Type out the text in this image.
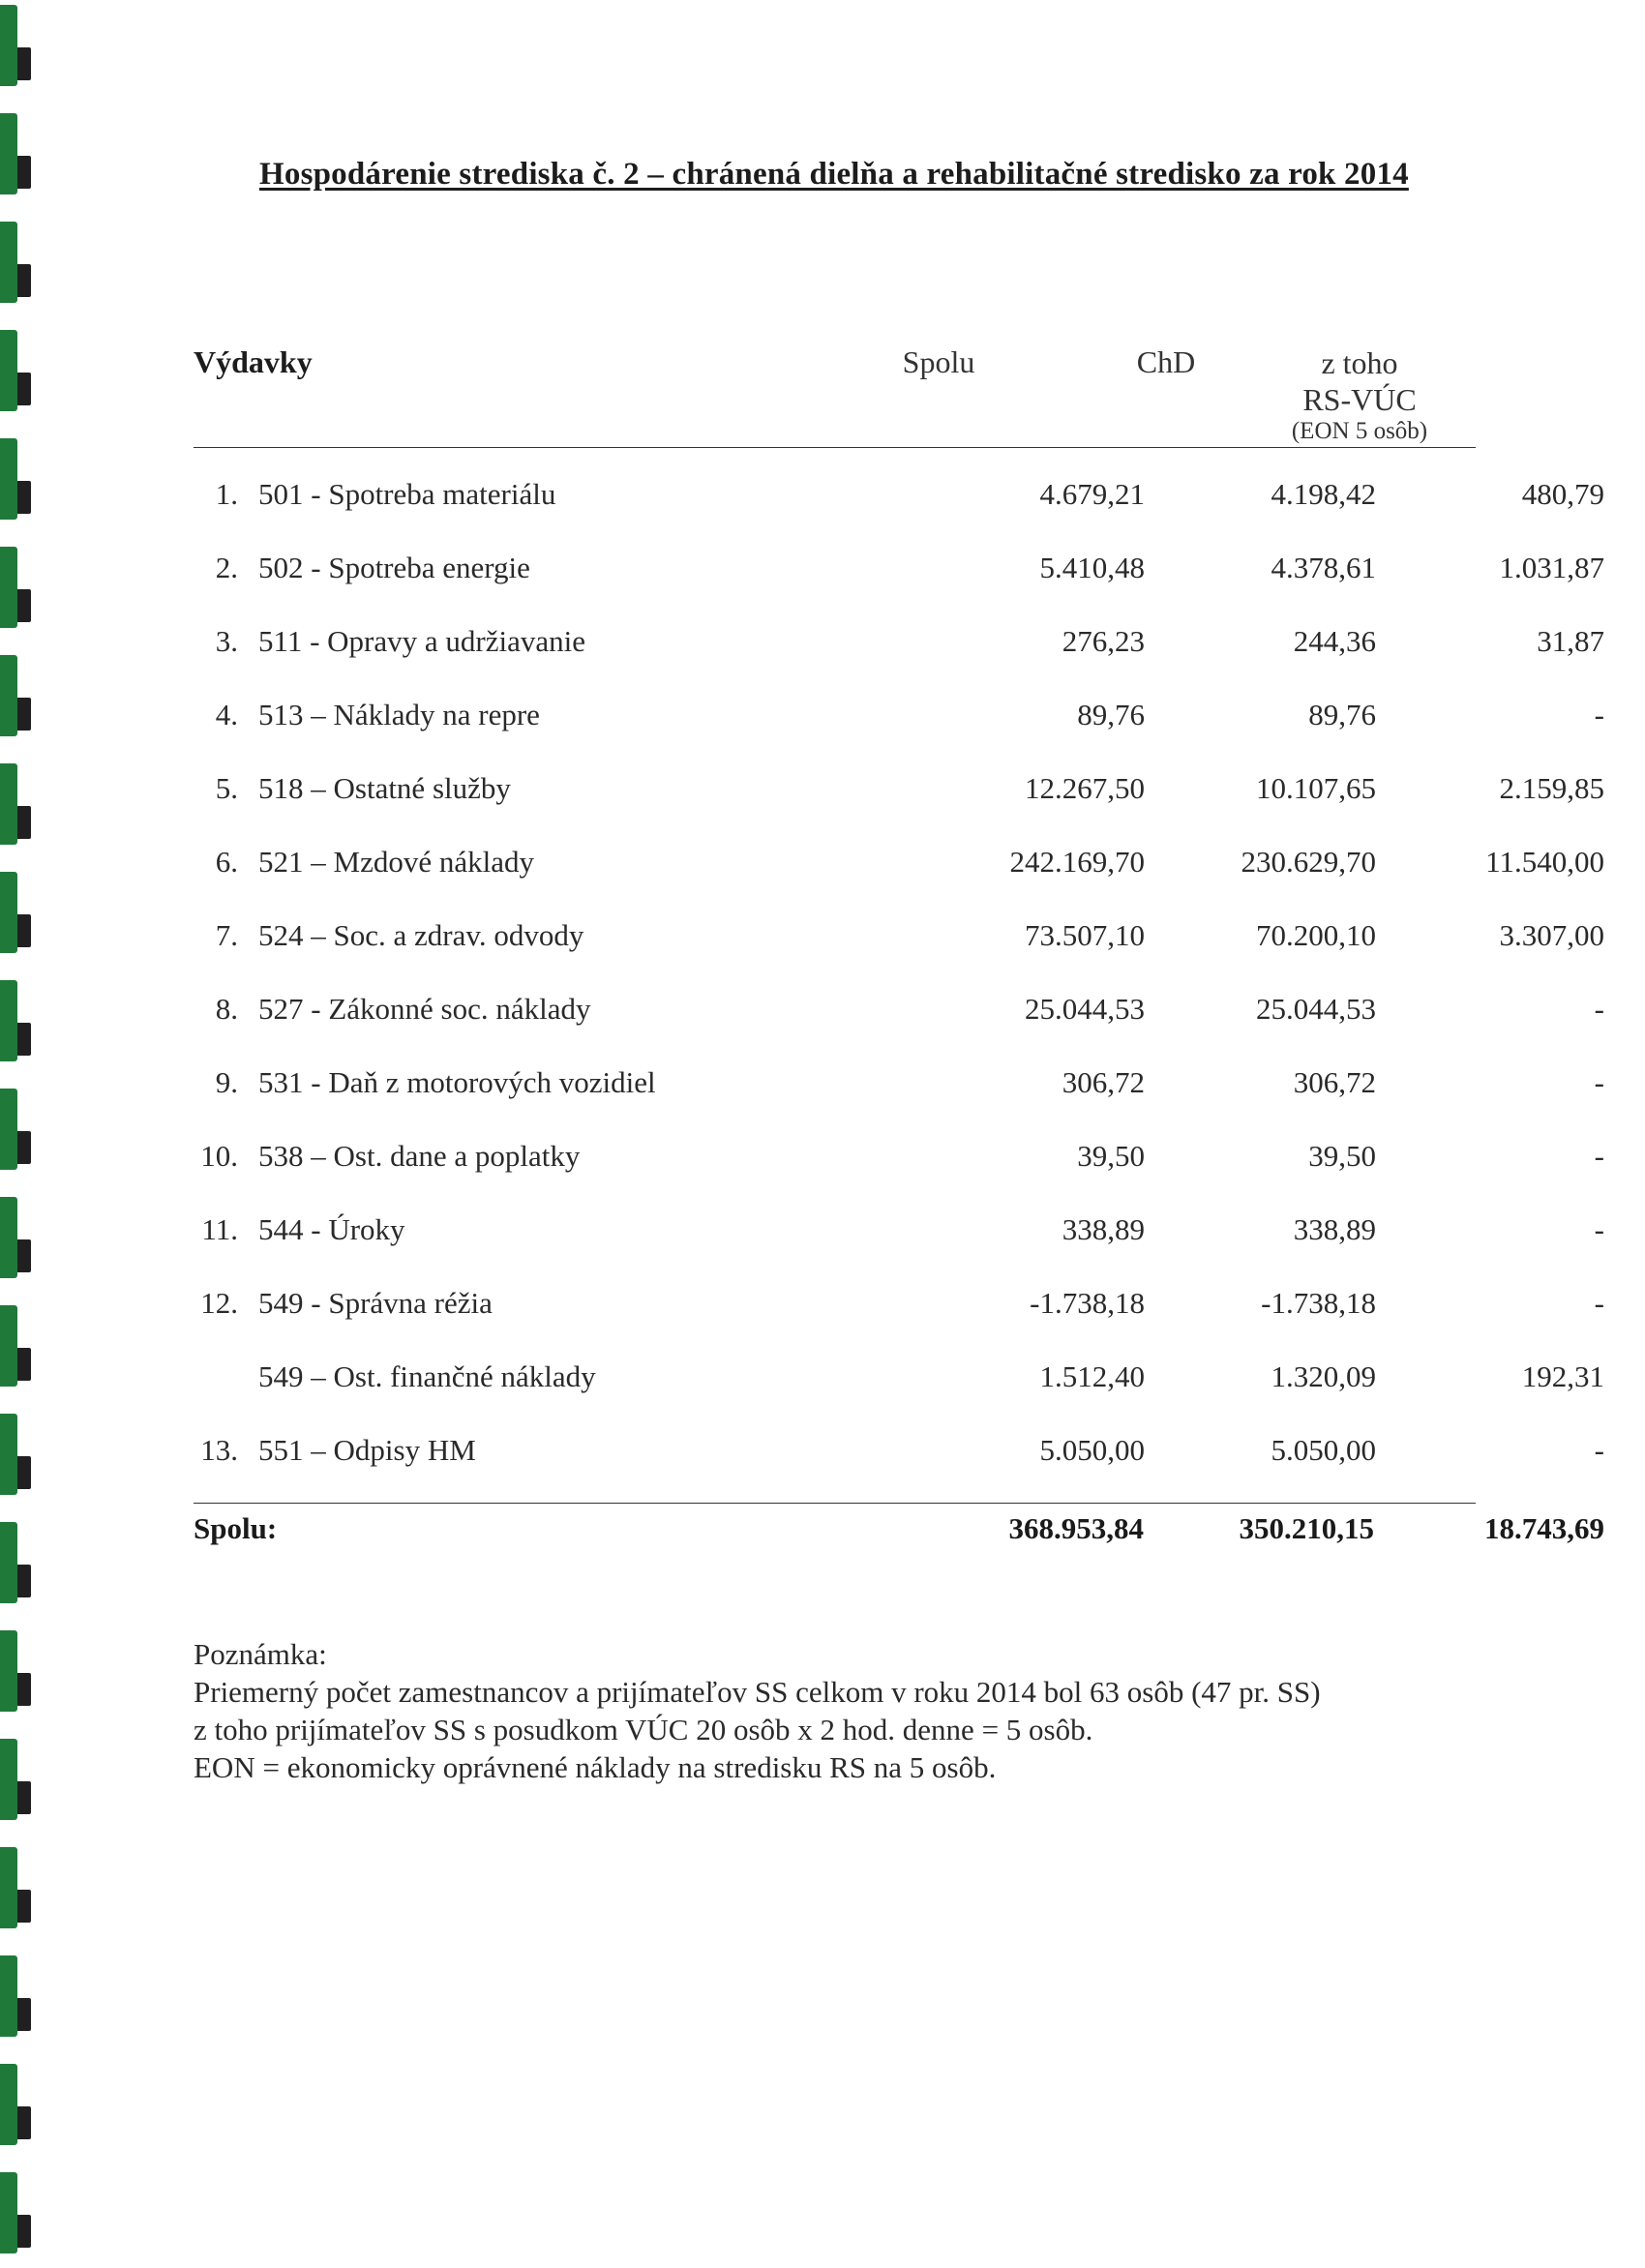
Hospodárenie strediska č. 2 – chránená dielňa a rehabilitačné stredisko za rok 2014
Výdavky	Spolu	ChD	z toho
RS-VÚC
(EON 5 osôb)
1. 501 - Spotreba materiálu	4.679,21	4.198,42	480,79
2. 502 - Spotreba energie	5.410,48	4.378,61	1.031,87
3. 511 - Opravy a udržiavanie	276,23	244,36	31,87
4. 513 – Náklady na repre	89,76	89,76	-
5. 518 – Ostatné služby	12.267,50	10.107,65	2.159,85
6. 521 – Mzdové náklady	242.169,70	230.629,70	11.540,00
7. 524 – Soc. a zdrav. odvody	73.507,10	70.200,10	3.307,00
8. 527 - Zákonné soc. náklady	25.044,53	25.044,53	-
9. 531 - Daň z motorových vozidiel	306,72	306,72	-
10. 538 – Ost. dane a poplatky	39,50	39,50	-
11. 544 - Úroky	338,89	338,89	-
12. 549 - Správna réžia	-1.738,18	-1.738,18	-
549 – Ost. finančné náklady	1.512,40	1.320,09	192,31
13. 551 – Odpisy HM	5.050,00	5.050,00	-
Spolu:	368.953,84	350.210,15	18.743,69
Poznámka:
Priemerný počet zamestnancov a prijímateľov SS celkom v roku 2014 bol 63 osôb (47 pr. SS)
z toho prijímateľov SS s posudkom VÚC 20 osôb x 2 hod. denne = 5 osôb.
EON = ekonomicky oprávnené náklady na stredisku RS na 5 osôb.
